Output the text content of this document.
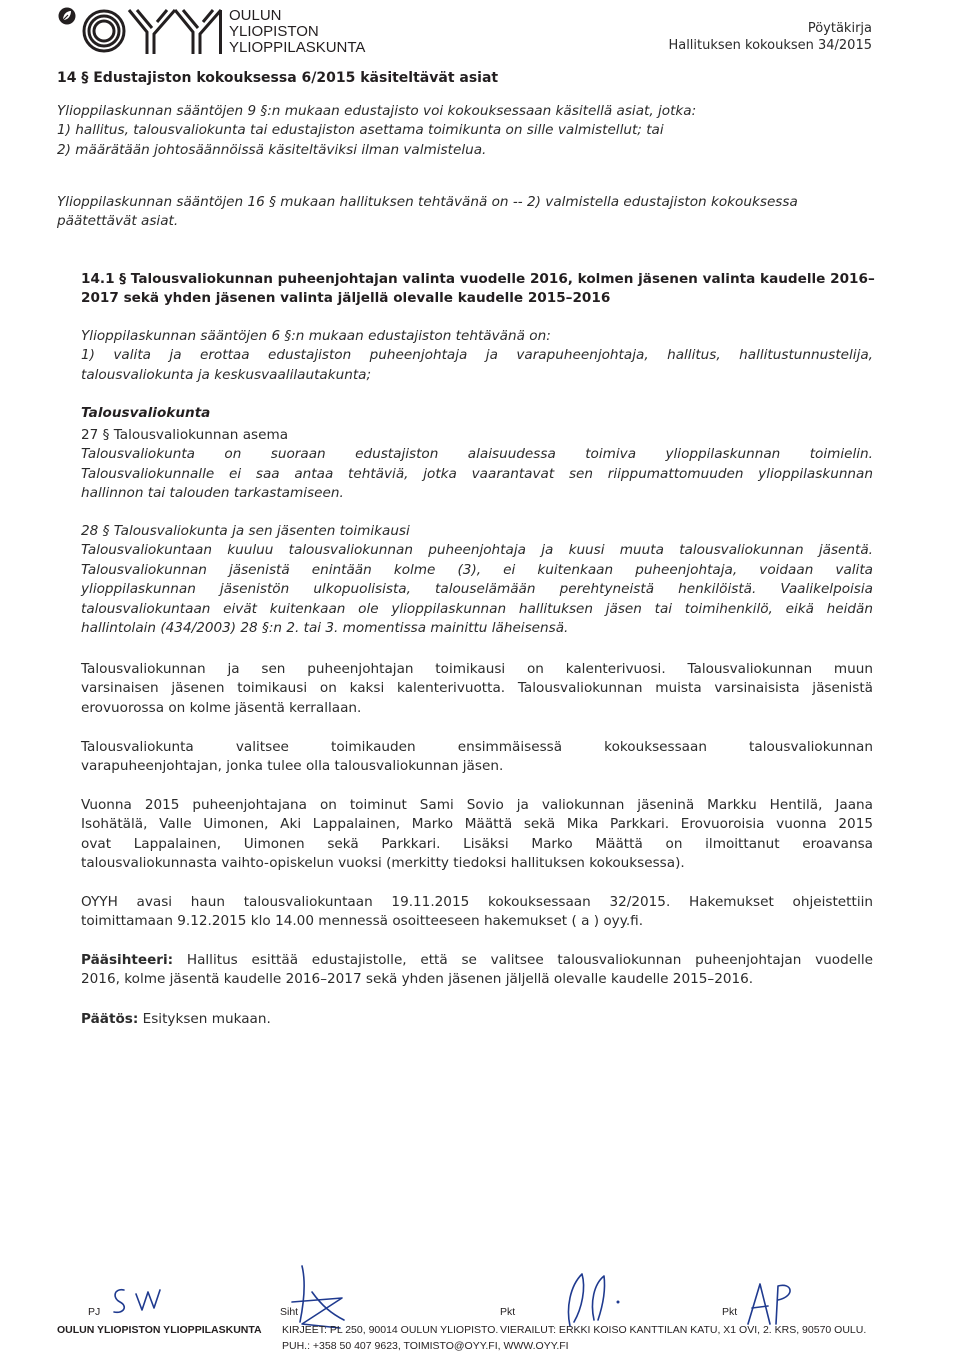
OULUN
YLIOPISTON
YLIOPPILASKUNTA
Pöytäkirja
Hallituksen kokouksen 34/2015
14 § Edustajiston kokouksessa 6/2015 käsiteltävät asiat
Ylioppilaskunnan sääntöjen 9 §:n mukaan edustajisto voi kokouksessaan käsitellä asiat, jotka:
1) hallitus, talousvaliokunta tai edustajiston asettama toimikunta on sille valmistellut; tai
2) määrätään johtosäännöissä käsiteltäviksi ilman valmistelua.
Ylioppilaskunnan sääntöjen 16 § mukaan hallituksen tehtävänä on -- 2) valmistella edustajiston kokouksessa
päätettävät asiat.
14.1 § Talousvaliokunnan puheenjohtajan valinta vuodelle 2016, kolmen jäsenen valinta kaudelle 2016–
2017 sekä yhden jäsenen valinta jäljellä olevalle kaudelle 2015–2016
Ylioppilaskunnan sääntöjen 6 §:n mukaan edustajiston tehtävänä on:
1) valita ja erottaa edustajiston puheenjohtaja ja varapuheenjohtaja, hallitus, hallitustunnustelija,
talousvaliokunta ja keskusvaalilautakunta;
Talousvaliokunta
27 § Talousvaliokunnan asema
Talousvaliokunta on suoraan edustajiston alaisuudessa toimiva ylioppilaskunnan toimielin.
Talousvaliokunnalle ei saa antaa tehtäviä, jotka vaarantavat sen riippumattomuuden ylioppilaskunnan
hallinnon tai talouden tarkastamiseen.
28 § Talousvaliokunta ja sen jäsenten toimikausi
Talousvaliokuntaan kuuluu talousvaliokunnan puheenjohtaja ja kuusi muuta talousvaliokunnan jäsentä.
Talousvaliokunnan jäsenistä enintään kolme (3), ei kuitenkaan puheenjohtaja, voidaan valita
ylioppilaskunnan jäsenistön ulkopuolisista, talouselämään perehtyneistä henkilöistä. Vaalikelpoisia
talousvaliokuntaan eivät kuitenkaan ole ylioppilaskunnan hallituksen jäsen tai toimihenkilö, eikä heidän
hallintolain (434/2003) 28 §:n 2. tai 3. momentissa mainittu läheisensä.
Talousvaliokunnan ja sen puheenjohtajan toimikausi on kalenterivuosi. Talousvaliokunnan muun
varsinaisen jäsenen toimikausi on kaksi kalenterivuotta. Talousvaliokunnan muista varsinaisista jäsenistä
erovuorossa on kolme jäsentä kerrallaan.
Talousvaliokunta valitsee toimikauden ensimmäisessä kokouksessaan talousvaliokunnan
varapuheenjohtajan, jonka tulee olla talousvaliokunnan jäsen.
Vuonna 2015 puheenjohtajana on toiminut Sami Sovio ja valiokunnan jäseninä Markku Hentilä, Jaana
Isohätälä, Valle Uimonen, Aki Lappalainen, Marko Määttä sekä Mika Parkkari. Erovuoroisia vuonna 2015
ovat Lappalainen, Uimonen sekä Parkkari. Lisäksi Marko Määttä on ilmoittanut eroavansa
talousvaliokunnasta vaihto-opiskelun vuoksi (merkitty tiedoksi hallituksen kokouksessa).
OYYH avasi haun talousvaliokuntaan 19.11.2015 kokouksessaan 32/2015. Hakemukset ohjeistettiin
toimittamaan 9.12.2015 klo 14.00 mennessä osoitteeseen hakemukset ( a ) oyy.fi.
Pääsihteeri: Hallitus esittää edustajistolle, että se valitsee talousvaliokunnan puheenjohtajan vuodelle
2016, kolme jäsentä kaudelle 2016–2017 sekä yhden jäsenen jäljellä olevalle kaudelle 2015–2016.
Päätös: Esityksen mukaan.
PJ	Siht	Pkt	Pkt
OULUN YLIOPISTON YLIOPPILASKUNTA KIRJEET: PL 250, 90014 OULUN YLIOPISTO. VIERAILUT: ERKKI KOISO KANTTILAN KATU, X1 OVI, 2. KRS, 90570 OULU.
PUH.: +358 50 407 9623, TOIMISTO@OYY.FI, WWW.OYY.FI
